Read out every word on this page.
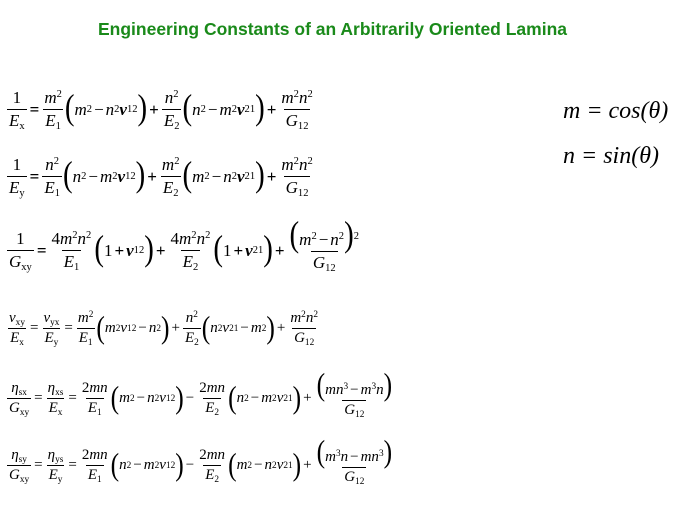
Engineering Constants of an Arbitrarily Oriented Lamina
$\frac{1}{E_x} = \frac{m^2}{E_1}$ ( m 2 − n 2 ν 12 ) + $\frac{n^2}{E_2}$ ( n 2 − m 2 ν 21 ) + $\frac{m^2n^2}{G_{12}}$
$\frac{1}{E_y} = \frac{n^2}{E_1}$ ( n 2 − m 2 ν 12 ) + $\frac{m^2}{E_2}$ ( m 2 − n 2 ν 21 ) + $\frac{m^2n^2}{G_{12}}$
$\frac{1}{G_{xy}} = \frac{4m^2n^2}{E_1}$ ( 1 + ν 12 ) + $\frac{4m^2n^2}{E_2}$ ( 1 + ν 21 ) + $\frac{(m^2 - n^2)^2}{G_{12}}$
$\frac{\nu_{xy}}{E_x} = \frac{\nu_{yx}}{E_y} = \frac{m^2}{E_1}$ ( m 2 ν 12 − n 2 ) + $\frac{n^2}{E_2}$ ( n 2 ν 21 − m 2 ) + $\frac{m^2n^2}{G_{12}}$
$\frac{\eta_{sx}}{G_{xy}} = \frac{\eta_{xs}}{E_x} = \frac{2mn}{E_1}$ ( m 2 − n 2 ν 12 ) − $\frac{2mn}{E_2}$ ( n 2 − m 2 ν 21 ) + $\frac{(mn^3 - m^3n)}{G_{12}}$
$\frac{\eta_{sy}}{G_{xy}} = \frac{\eta_{ys}}{E_y} = \frac{2mn}{E_1}$ ( n 2 − m 2 ν 12 ) − $\frac{2mn}{E_2}$ ( m 2 − n 2 ν 21 ) + $\frac{(m^3n - mn^3)}{G_{12}}$
m = cos(θ)
n = sin(θ)
